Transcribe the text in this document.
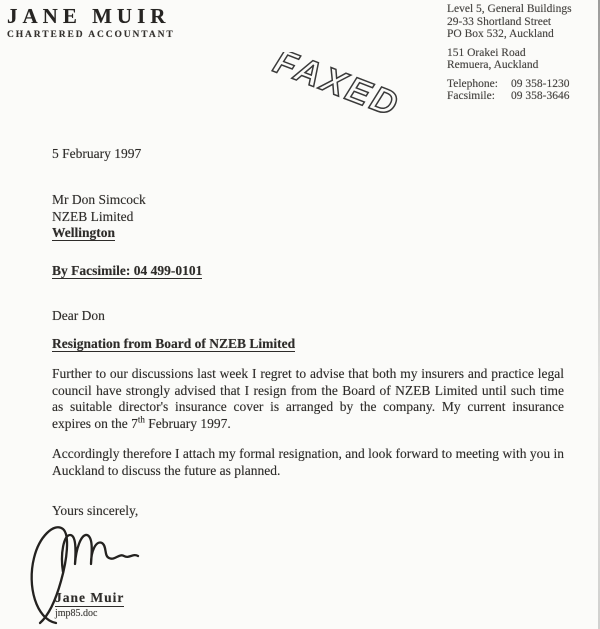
JANE MUIR
CHARTERED ACCOUNTANT
Level 5, General Buildings
29-33 Shortland Street
PO Box 532, Auckland
151 Orakei Road
Remuera, Auckland
Telephone:	09 358-1230
Facsimile:	09 358-3646
FAXED
5 February 1997
Mr Don Simcock
NZEB Limited
Wellington
By Facsimile: 04 499-0101
Dear Don
Resignation from Board of NZEB Limited
Further to our discussions last week I regret to advise that both my insurers and practice legal council have strongly advised that I resign from the Board of NZEB Limited until such time as suitable director's insurance cover is arranged by the company. My current insurance expires on the 7th February 1997.
Accordingly therefore I attach my formal resignation, and look forward to meeting with you in Auckland to discuss the future as planned.
Yours sincerely,
Jane Muir
jmp85.doc
